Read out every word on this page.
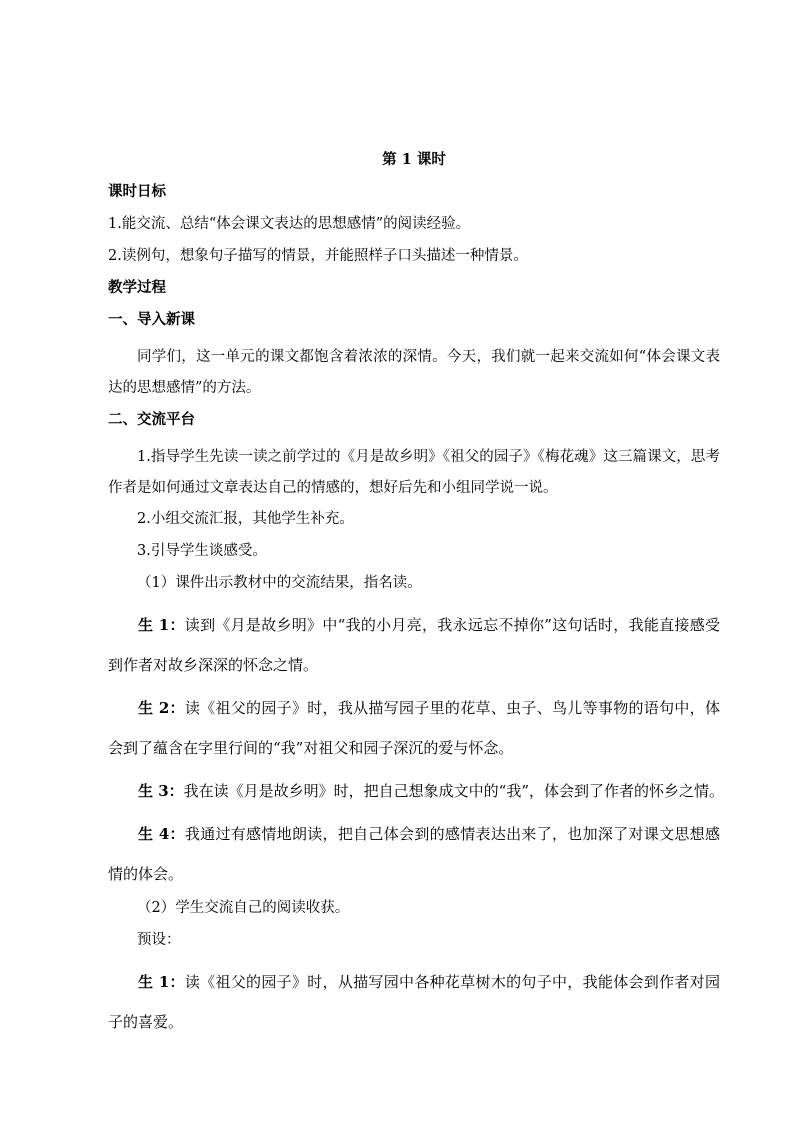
第 1 课时
课时日标
1.能交流、总结“体会课文表达的思想感情”的阅读经验。
2.读例句，想象句子描写的情景，并能照样子口头描述一种情景。
教学过程
一、导入新课
同学们，这一单元的课文都饱含着浓浓的深情。今天，我们就一起来交流如何“体会课文表达的思想感情”的方法。
二、交流平台
1.指导学生先读一读之前学过的《月是故乡明》《祖父的园子》《梅花魂》这三篇课文，思考作者是如何通过文章表达自己的情感的，想好后先和小组同学说一说。
2.小组交流汇报，其他学生补充。
3.引导学生谈感受。
（1）课件出示教材中的交流结果，指名读。
生 1：读到《月是故乡明》中“我的小月亮，我永远忘不掉你”这句话时，我能直接感受到作者对故乡深深的怀念之情。
生 2：读《祖父的园子》时，我从描写园子里的花草、虫子、鸟儿等事物的语句中，体会到了蕴含在字里行间的“我”对祖父和园子深沉的爱与怀念。
生 3：我在读《月是故乡明》时，把自己想象成文中的“我”，体会到了作者的怀乡之情。
生 4：我通过有感情地朗读，把自己体会到的感情表达出来了，也加深了对课文思想感情的体会。
（2）学生交流自己的阅读收获。
预设：
生 1：读《祖父的园子》时，从描写园中各种花草树木的句子中，我能体会到作者对园子的喜爱。
